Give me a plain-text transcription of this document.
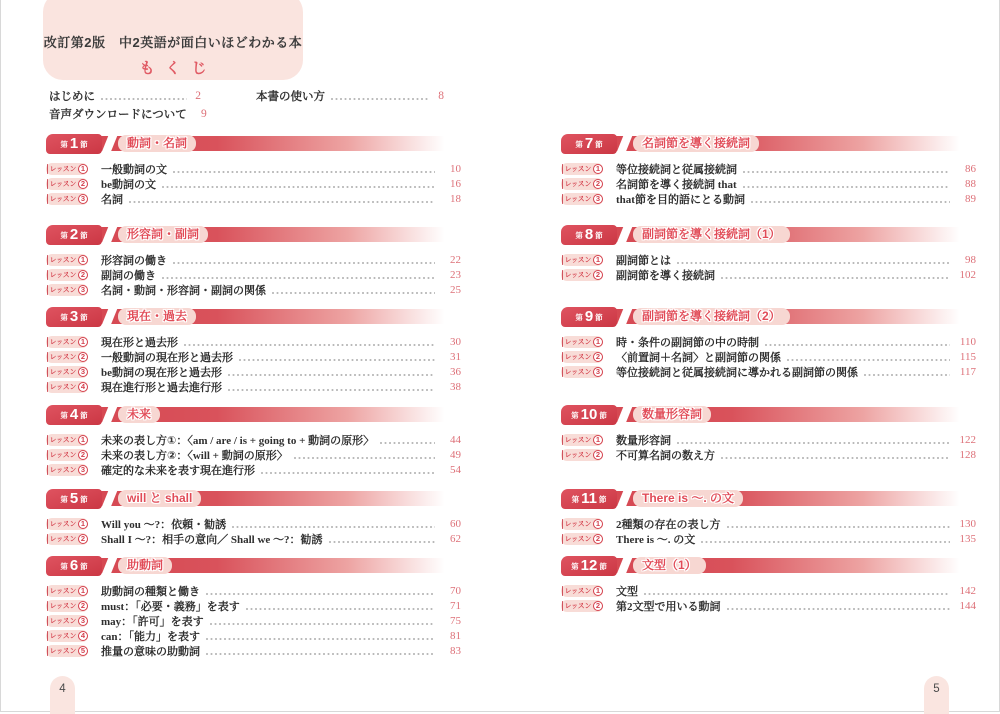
改訂第2版　中2英語が面白いほどわかる本
もくじ
はじめに	2	本書の使い方	8
音声ダウンロードについて	9
第 1 節	動詞・名詞
レッスン 1 一般動詞の文	10
レッスン 2 be動詞の文	16
レッスン 3 名詞	18
第 2 節	形容詞・副詞
レッスン 1 形容詞の働き	22
レッスン 2 副詞の働き	23
レッスン 3 名詞・動詞・形容詞・副詞の関係	25
第 3 節	現在・過去
レッスン 1 現在形と過去形	30
レッスン 2 一般動詞の現在形と過去形	31
レッスン 3 be動詞の現在形と過去形	36
レッスン 4 現在進行形と過去進行形	38
第 4 節	未来
レッスン 1 未来の表し方①：〈am / are / is + going to + 動詞の原形〉	44
レッスン 2 未来の表し方②：〈will + 動詞の原形〉	49
レッスン 3 確定的な未来を表す現在進行形	54
第 5 節	will と shall
レッスン 1 Will you ～?：依頼・勧誘	60
レッスン 2 Shall I ～?：相手の意向／ Shall we ～?：勧誘	62
第 6 節	助動詞
レッスン 1 助動詞の種類と働き	70
レッスン 2 must：「必要・義務」を表す	71
レッスン 3 may：「許可」を表す	75
レッスン 4 can：「能力」を表す	81
レッスン 5 推量の意味の助動詞	83
第 7 節	名詞節を導く接続詞
レッスン 1 等位接続詞と従属接続詞	86
レッスン 2 名詞節を導く接続詞 that	88
レッスン 3 that節を目的語にとる動詞	89
第 8 節	副詞節を導く接続詞（1）
レッスン 1 副詞節とは	98
レッスン 2 副詞節を導く接続詞	102
第 9 節	副詞節を導く接続詞（2）
レッスン 1 時・条件の副詞節の中の時制	110
レッスン 2 〈前置詞＋名詞〉と副詞節の関係	115
レッスン 3 等位接続詞と従属接続詞に導かれる副詞節の関係	117
第 10 節	数量形容詞
レッスン 1 数量形容詞	122
レッスン 2 不可算名詞の数え方	128
第 11 節	There is ～. の文
レッスン 1 2種類の存在の表し方	130
レッスン 2 There is ～. の文	135
第 12 節	文型（1）
レッスン 1 文型	142
レッスン 2 第2文型で用いる動詞	144
4	5
